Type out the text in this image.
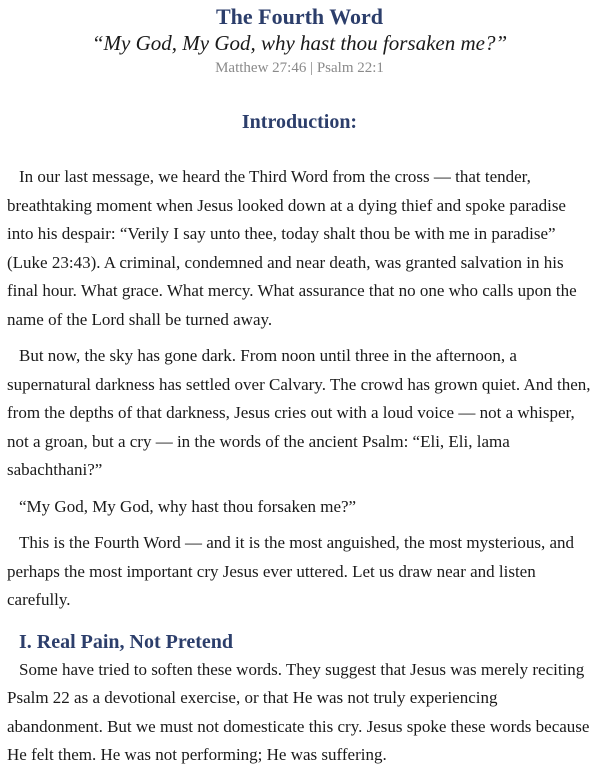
The Fourth Word

“My God, My God, why hast thou forsaken me?”

Matthew 27:46 | Psalm 22:1

Introduction:

In our last message, we heard the Third Word from the cross — that tender, breathtaking moment when Jesus looked down at a dying thief and spoke paradise into his despair: “Verily I say unto thee, today shalt thou be with me in paradise” (Luke 23:43). A criminal, condemned and near death, was granted salvation in his final hour. What grace. What mercy. What assurance that no one who calls upon the name of the Lord shall be turned away.

But now, the sky has gone dark. From noon until three in the afternoon, a supernatural darkness has settled over Calvary. The crowd has grown quiet. And then, from the depths of that darkness, Jesus cries out with a loud voice — not a whisper, not a groan, but a cry — in the words of the ancient Psalm: “Eli, Eli, lama sabachthani?”

“My God, My God, why hast thou forsaken me?”

This is the Fourth Word — and it is the most anguished, the most mysterious, and perhaps the most important cry Jesus ever uttered. Let us draw near and listen carefully.

I. Real Pain, Not Pretend

Some have tried to soften these words. They suggest that Jesus was merely reciting Psalm 22 as a devotional exercise, or that He was not truly experiencing abandonment. But we must not domesticate this cry. Jesus spoke these words because He felt them. He was not performing; He was suffering.
